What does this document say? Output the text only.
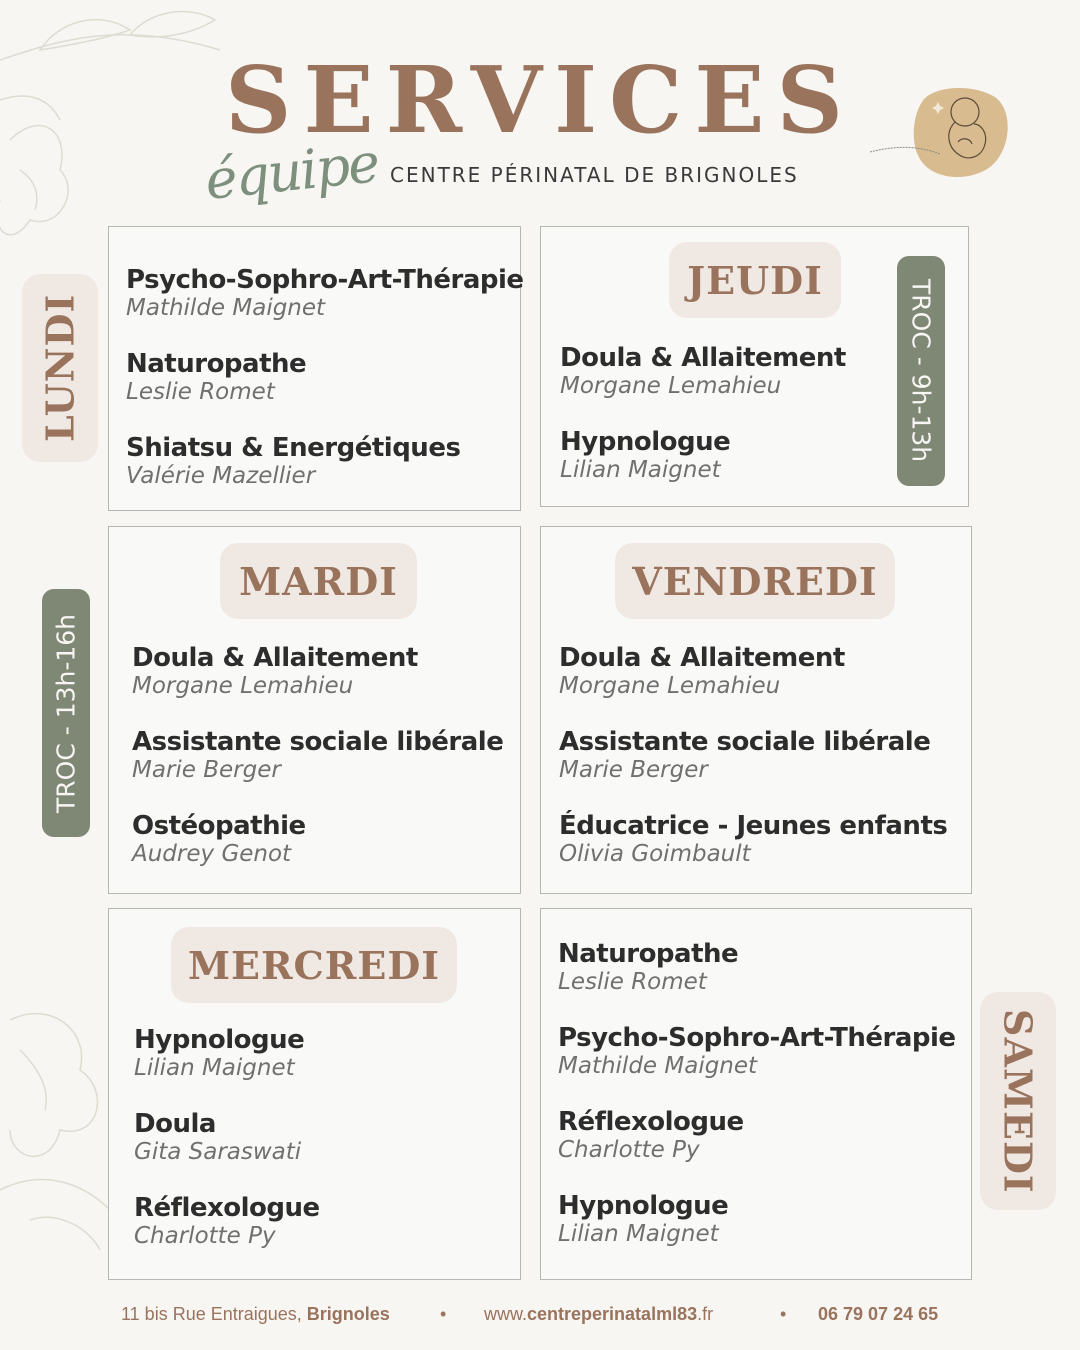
SERVICES
équipe CENTRE PÉRINATAL DE BRIGNOLES
LUNDI
Psycho-Sophro-Art-Thérapie
Mathilde Maignet
Naturopathe
Leslie Romet
Shiatsu & Energétiques
Valérie Mazellier
JEUDI	TROC - 9h-13h
Doula & Allaitement
Morgane Lemahieu
Hypnologue
Lilian Maignet
TROC - 13h-16h
MARDI
Doula & Allaitement
Morgane Lemahieu
Assistante sociale libérale
Marie Berger
Ostéopathie
Audrey Genot
VENDREDI
Doula & Allaitement
Morgane Lemahieu
Assistante sociale libérale
Marie Berger
Éducatrice - Jeunes enfants
Olivia Goimbault
MERCREDI
Hypnologue
Lilian Maignet
Doula
Gita Saraswati
Réflexologue
Charlotte Py
Naturopathe
Leslie Romet
Psycho-Sophro-Art-Thérapie
Mathilde Maignet
Réflexologue
Charlotte Py
Hypnologue
Lilian Maignet
SAMEDI
11 bis Rue Entraigues, Brignoles	• www.centreperinatalml83.fr	• 06 79 07 24 65
